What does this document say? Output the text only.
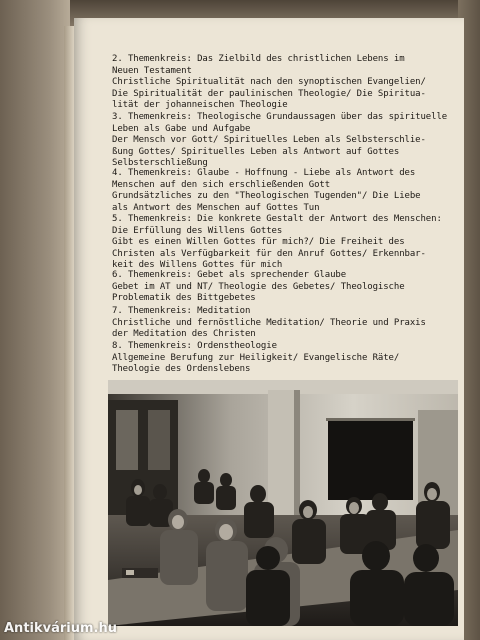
2. Themenkreis: Das Zielbild des christlichen Lebens im
Neuen Testament
Christliche Spiritualität nach den synoptischen Evangelien/
Die Spiritualität der paulinischen Theologie/ Die Spiritua-
lität der johanneischen Theologie
3. Themenkreis: Theologische Grundaussagen über das spirituelle
Leben als Gabe und Aufgabe
Der Mensch vor Gott/ Spirituelles Leben als Selbsterschlie-
ßung Gottes/ Spirituelles Leben als Antwort auf Gottes
Selbsterschließung
4. Themenkreis: Glaube - Hoffnung - Liebe als Antwort des
Menschen auf den sich erschließenden Gott
Grundsätzliches zu den "Theologischen Tugenden"/ Die Liebe
als Antwort des Menschen auf Gottes Tun
5. Themenkreis: Die konkrete Gestalt der Antwort des Menschen:
Die Erfüllung des Willens Gottes
Gibt es einen Willen Gottes für mich?/ Die Freiheit des
Christen als Verfügbarkeit für den Anruf Gottes/ Erkennbar-
keit des Willens Gottes für mich
6. Themenkreis: Gebet als sprechender Glaube
Gebet im AT und NT/ Theologie des Gebetes/ Theologische
Problematik des Bittgebetes
7. Themenkreis: Meditation
Christliche und fernöstliche Meditation/ Theorie und Praxis
der Meditation des Christen
8. Themenkreis: Ordenstheologie
Allgemeine Berufung zur Heiligkeit/ Evangelische Räte/
Theologie des Ordenslebens
Antikvárium.hu
